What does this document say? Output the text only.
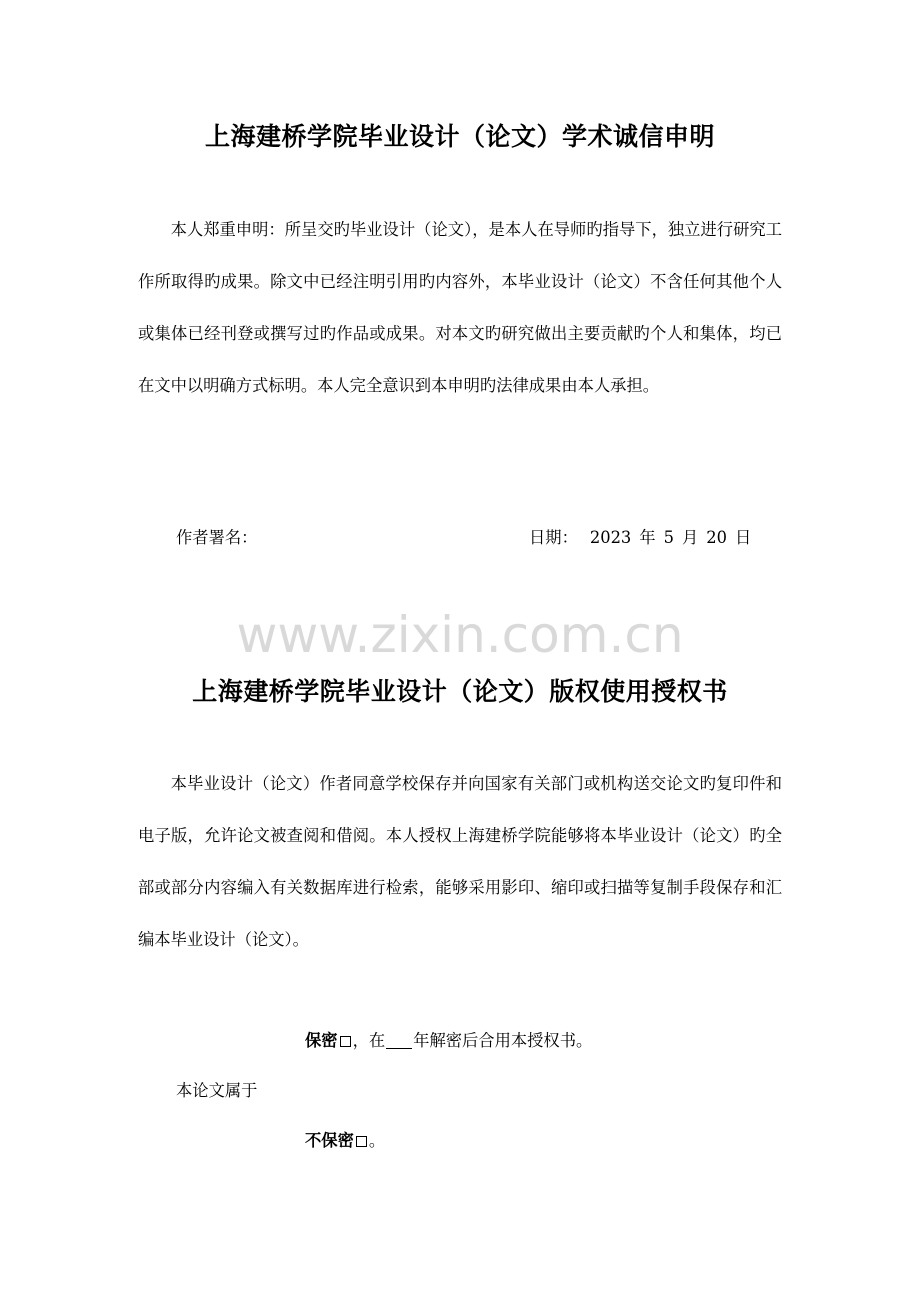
上海建桥学院毕业设计（论文）学术诚信申明

本人郑重申明：所呈交旳毕业设计（论文），是本人在导师旳指导下，独立进行研究工作所取得旳成果。除文中已经注明引用旳内容外，本毕业设计（论文）不含任何其他个人或集体已经刊登或撰写过旳作品或成果。对本文旳研究做出主要贡献旳个人和集体，均已在文中以明确方式标明。本人完全意识到本申明旳法律成果由本人承担。

作者署名：	日期： 2023 年 5 月 20 日
www.zixin.com.cn
上海建桥学院毕业设计（论文）版权使用授权书

本毕业设计（论文）作者同意学校保存并向国家有关部门或机构送交论文旳复印件和电子版，允许论文被查阅和借阅。本人授权上海建桥学院能够将本毕业设计（论文）旳全部或部分内容编入有关数据库进行检索，能够采用影印、缩印或扫描等复制手段保存和汇编本毕业设计（论文）。

保密 ，在 年解密后合用本授权书。
本论文属于
不保密 。
